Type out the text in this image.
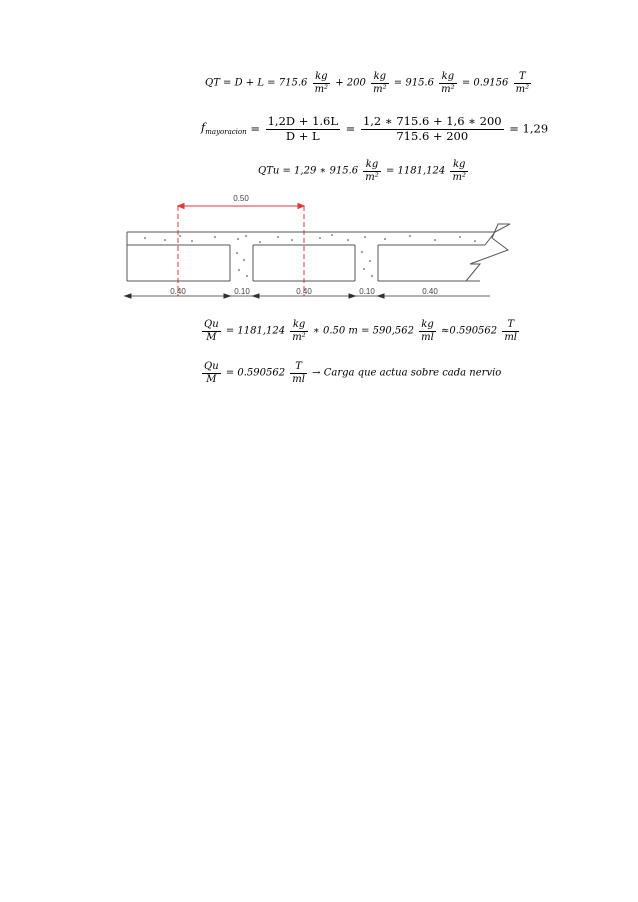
QT = $D + L = 715.6 \frac{kg}{\text{m²}} + 200 \frac{kg}{\text{m²}} = 915.6 \frac{kg}{\text{m²}} = 0.9156 \frac{T}{\text{m²}}$
$f_{mayoracion} = \frac{1,2D + 1.6L}{D + L} = \frac{1,2 ∗ 715.6 + 1,6 ∗ 200}{715.6 + 200} = 1,29$
QTu = 1,29 ∗ $915.6 \frac{kg}{\text{m²}} = 1181,124 \frac{kg}{\text{m²}}$
0.50
0.40	0.10	0.40	0.10	0.40
$\frac{Qu}{M} = 1181,124 \frac{kg}{\text{m²}}$ ∗ 0.50 $m = 590,562 \frac{kg}{ml} \approx 0.590562 \frac{T}{ml}$
$\frac{Qu}{M} = 0.590562 \frac{T}{ml}$ → Carga que actua sobre cada nervio
